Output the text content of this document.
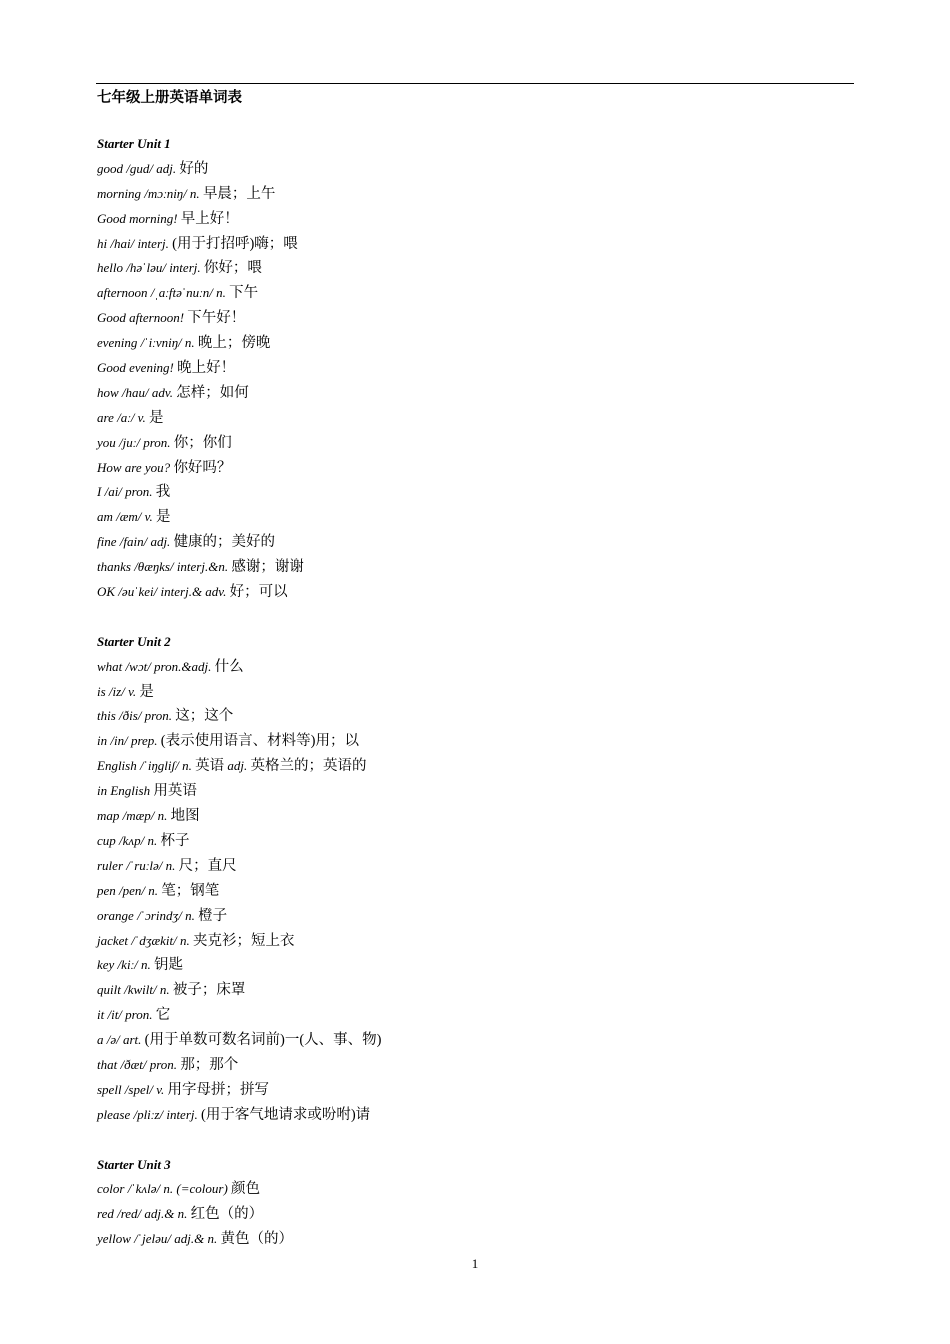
七年级上册英语单词表
Starter Unit 1
good /gud/ adj. 好的
morning /mɔːniŋ/ n. 早晨；上午
Good morning! 早上好！
hi /hai/ interj. (用于打招呼)嗨；喂
hello /həˈləu/ interj. 你好；喂
afternoon /ˌaːftəˈnuːn/ n. 下午
Good afternoon! 下午好！
evening /ˈiːvniŋ/ n. 晚上；傍晚
Good evening! 晚上好！
how /hau/ adv. 怎样；如何
are /aː/ v. 是
you /juː/ pron. 你；你们
How are you? 你好吗？
I /ai/ pron. 我
am /æm/ v. 是
fine /fain/ adj. 健康的；美好的
thanks /θæŋks/ interj.&n. 感谢；谢谢
OK /əuˈkei/ interj.& adv. 好；可以
Starter Unit 2
what /wɔt/ pron.&adj. 什么
is /iz/ v. 是
this /ðis/ pron. 这；这个
in /in/ prep. (表示使用语言、材料等)用；以
English /ˈiŋgliʃ/ n. 英语 adj. 英格兰的；英语的
in English 用英语
map /mæp/ n. 地图
cup /kʌp/ n. 杯子
ruler /ˈruːlə/ n. 尺；直尺
pen /pen/ n. 笔；钢笔
orange /ˈɔrindʒ/ n. 橙子
jacket /ˈdʒækit/ n. 夹克衫；短上衣
key /kiː/ n. 钥匙
quilt /kwilt/ n. 被子；床罩
it /it/ pron. 它
a /ə/ art. (用于单数可数名词前)一(人、事、物)
that /ðæt/ pron. 那；那个
spell /spel/ v. 用字母拼；拼写
please /pliːz/ interj. (用于客气地请求或吩咐)请
Starter Unit 3
color /ˈkʌlə/ n. (=colour) 颜色
red /red/ adj.& n. 红色（的）
yellow /ˈjeləu/ adj.& n. 黄色（的）
1
